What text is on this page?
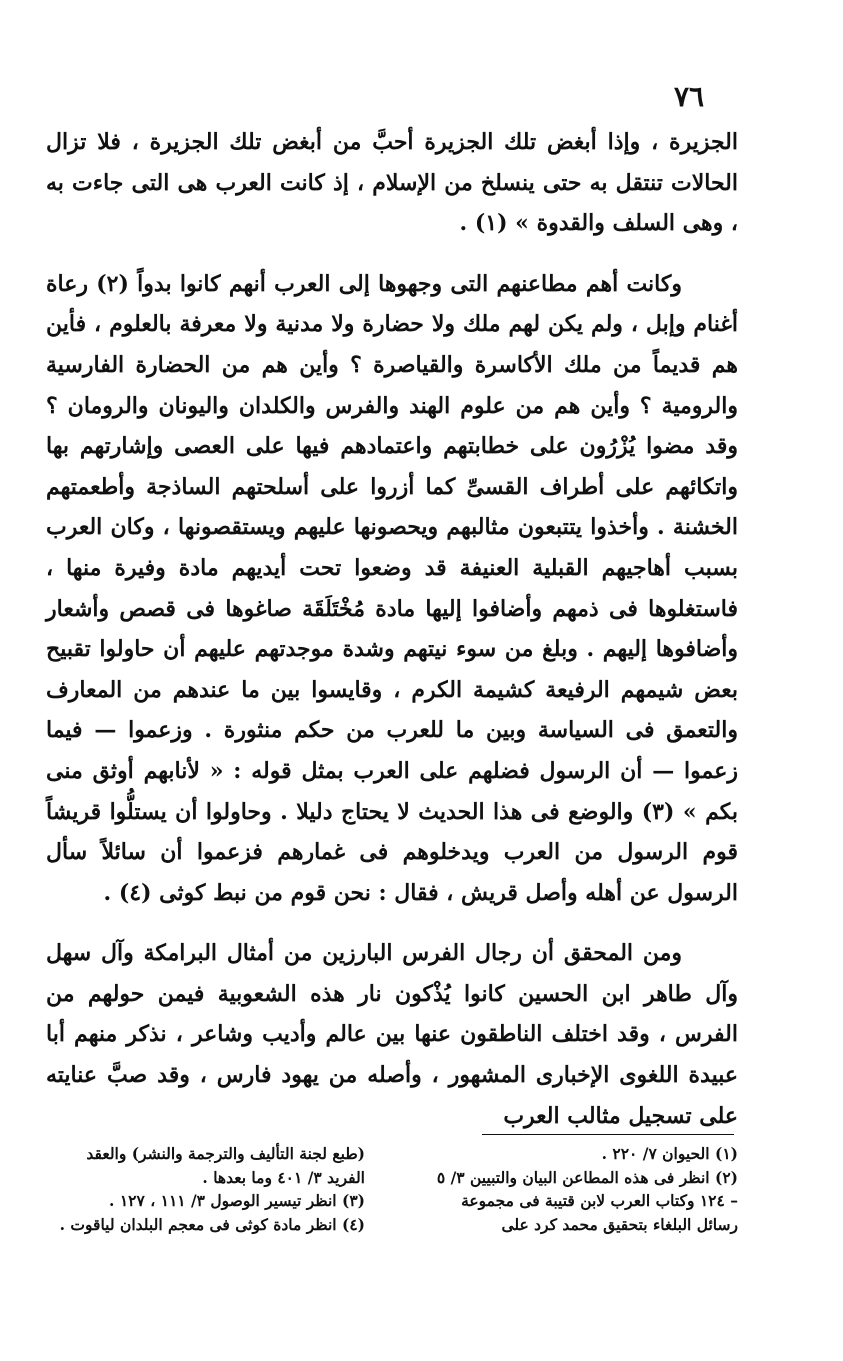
٧٦

الجزيرة ، وإذا أبغض تلك الجزيرة أحبَّ من أبغض تلك الجزيرة ، فلا تزال الحالات تنتقل به حتى ينسلخ من الإسلام ، إذ كانت العرب هى التى جاءت به ، وهى السلف والقدوة » (١) .

وكانت أهم مطاعنهم التى وجهوها إلى العرب أنهم كانوا بدواً (٢) رعاة أغنام وإبل ، ولم يكن لهم ملك ولا حضارة ولا مدنية ولا معرفة بالعلوم ، فأين هم قديماً من ملك الأكاسرة والقياصرة ؟ وأين هم من الحضارة الفارسية والرومية ؟ وأين هم من علوم الهند والفرس والكلدان واليونان والرومان ؟ وقد مضوا يُزْرُون على خطابتهم واعتمادهم فيها على العصى وإشارتهم بها واتكائهم على أطراف القسىِّ كما أزروا على أسلحتهم الساذجة وأطعمتهم الخشنة . وأخذوا يتتبعون مثالبهم ويحصونها عليهم ويستقصونها ، وكان العرب بسبب أهاجيهم القبلية العنيفة قد وضعوا تحت أيديهم مادة وفيرة منها ، فاستغلوها فى ذمهم وأضافوا إليها مادة مُخْتَلَقَة صاغوها فى قصص وأشعار وأضافوها إليهم . وبلغ من سوء نيتهم وشدة موجدتهم عليهم أن حاولوا تقبيح بعض شيمهم الرفيعة كشيمة الكرم ، وقايسوا بين ما عندهم من المعارف والتعمق فى السياسة وبين ما للعرب من حكم منثورة . وزعموا — فيما زعموا — أن الرسول فضلهم على العرب بمثل قوله : « لأنابهم أوثق منى بكم » (٣) والوضع فى هذا الحديث لا يحتاج دليلا . وحاولوا أن يستلُّوا قريشاً قوم الرسول من العرب ويدخلوهم فى غمارهم فزعموا أن سائلاً سأل الرسول عن أهله وأصل قريش ، فقال : نحن قوم من نبط كوثى (٤) .

ومن المحقق أن رجال الفرس البارزين من أمثال البرامكة وآل سهل وآل طاهر ابن الحسين كانوا يُذْكون نار هذه الشعوبية فيمن حولهم من الفرس ، وقد اختلف الناطقون عنها بين عالم وأديب وشاعر ، نذكر منهم أبا عبيدة اللغوى الإخبارى المشهور ، وأصله من يهود فارس ، وقد صبَّ عنايته على تسجيل مثالب العرب

(١) الحيوان ٧/ ٢٢٠ .

(٢) انظر فى هذه المطاعن البيان والتبيين ٣/ ٥ – ١٢٤ وكتاب العرب لابن قتيبة فى مجموعة رسائل البلغاء بتحقيق محمد كرد على

(طبع لجنة التأليف والترجمة والنشر) والعقد الفريد ٣/ ٤٠١ وما بعدها .

(٣) انظر تيسير الوصول ٣/ ١١١ ، ١٢٧ .

(٤) انظر مادة كوثى فى معجم البلدان لياقوت .
